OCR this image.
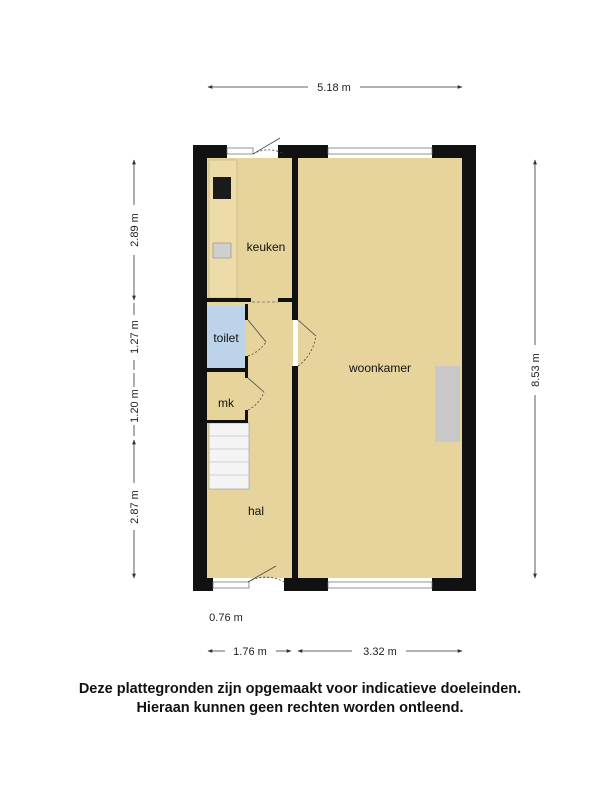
keuken
toilet
mk
hal
woonkamer
5.18 m
8.53 m
2.89 m
1.27 m
1.20 m
2.87 m
0.76 m
1.76 m	3.32 m
Deze plattegronden zijn opgemaakt voor indicatieve doeleinden.
Hieraan kunnen geen rechten worden ontleend.
